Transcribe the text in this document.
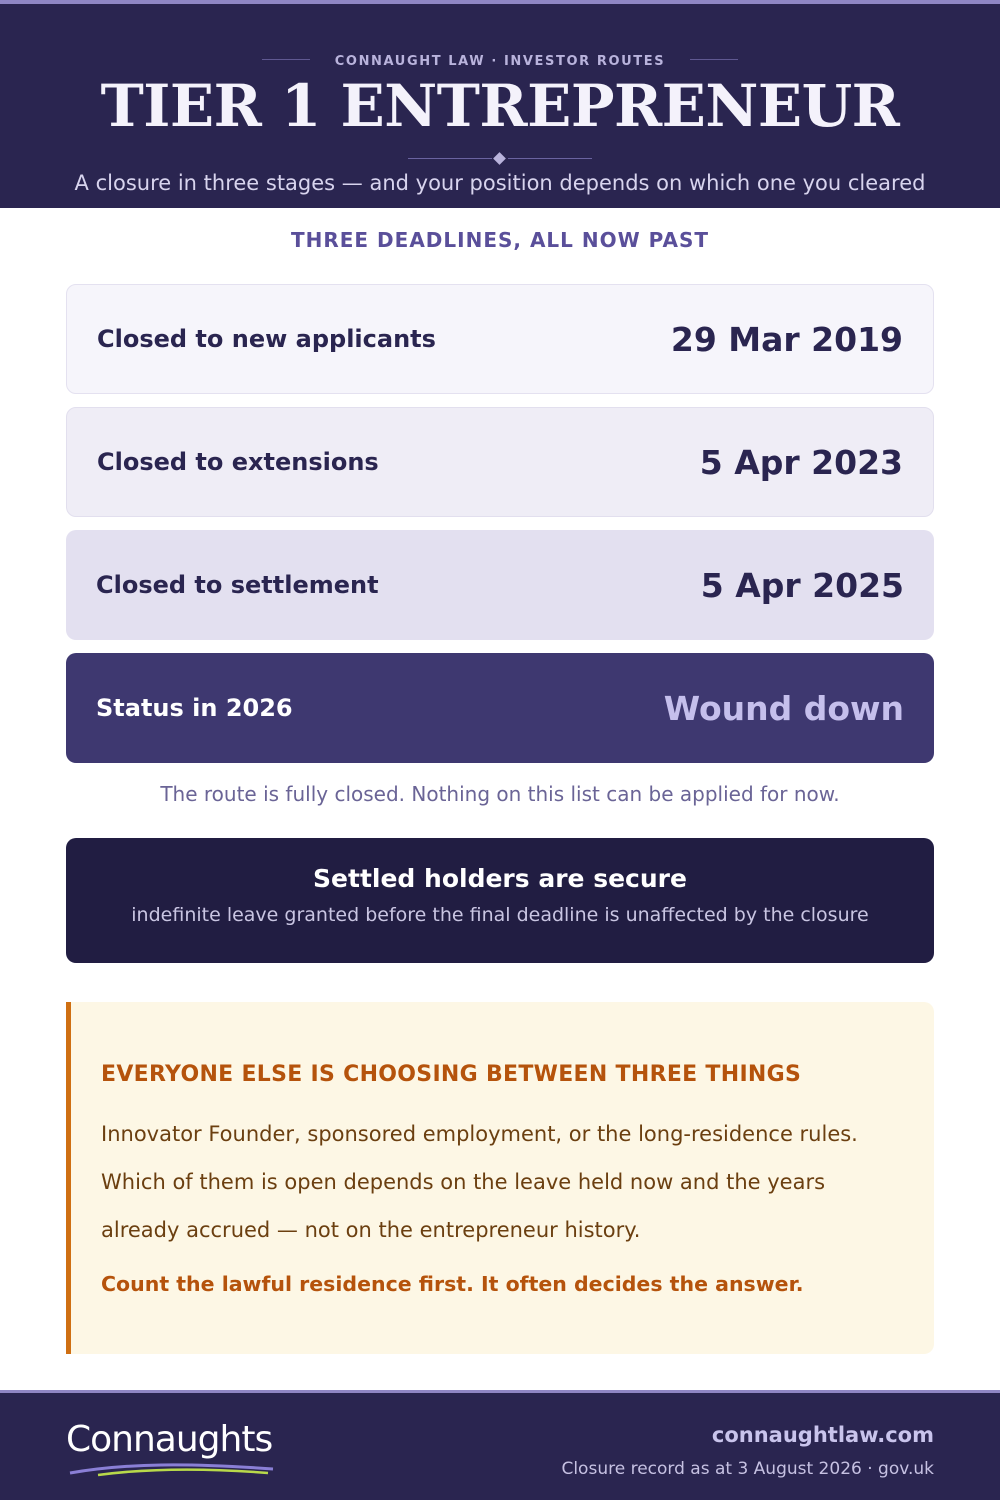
CONNAUGHT LAW · INVESTOR ROUTES
TIER 1 ENTREPRENEUR

A closure in three stages — and your position depends on which one you cleared

THREE DEADLINES, ALL NOW PAST
Closed to new applicants	29 Mar 2019
Closed to extensions	5 Apr 2023
Closed to settlement	5 Apr 2025
Status in 2026	Wound down

The route is fully closed. Nothing on this list can be applied for now.

Settled holders are secure
indefinite leave granted before the final deadline is unaffected by the closure
EVERYONE ELSE IS CHOOSING BETWEEN THREE THINGS
Innovator Founder, sponsored employment, or the long-residence rules. Which of them is open depends on the leave held now and the years already accrued — not on the entrepreneur history.
Count the lawful residence first. It often decides the answer.
Connaughts	connaughtlaw.com
Closure record as at 3 August 2026 · gov.uk
